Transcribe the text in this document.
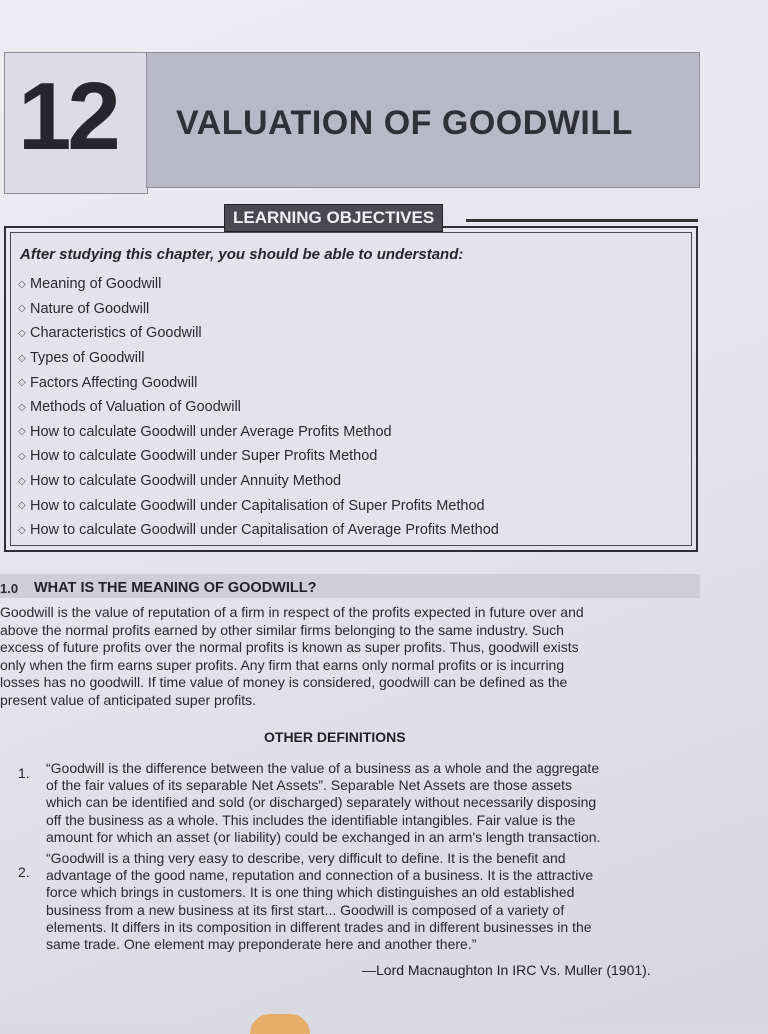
12 VALUATION OF GOODWILL
LEARNING OBJECTIVES
After studying this chapter, you should be able to understand:
◇ Meaning of Goodwill
◇ Nature of Goodwill
◇ Characteristics of Goodwill
◇ Types of Goodwill
◇ Factors Affecting Goodwill
◇ Methods of Valuation of Goodwill
◇ How to calculate Goodwill under Average Profits Method
◇ How to calculate Goodwill under Super Profits Method
◇ How to calculate Goodwill under Annuity Method
◇ How to calculate Goodwill under Capitalisation of Super Profits Method
◇ How to calculate Goodwill under Capitalisation of Average Profits Method
1.0 WHAT IS THE MEANING OF GOODWILL?
Goodwill is the value of reputation of a firm in respect of the profits expected in future over and
above the normal profits earned by other similar firms belonging to the same industry. Such
excess of future profits over the normal profits is known as super profits. Thus, goodwill exists
only when the firm earns super profits. Any firm that earns only normal profits or is incurring
losses has no goodwill. If time value of money is considered, goodwill can be defined as the
present value of anticipated super profits.
OTHER DEFINITIONS
1. “Goodwill is the difference between the value of a business as a whole and the aggregate
of the fair values of its separable Net Assets”. Separable Net Assets are those assets
which can be identified and sold (or discharged) separately without necessarily disposing
off the business as a whole. This includes the identifiable intangibles. Fair value is the
amount for which an asset (or liability) could be exchanged in an arm's length transaction.
2.
“Goodwill is a thing very easy to describe, very difficult to define. It is the benefit and
advantage of the good name, reputation and connection of a business. It is the attractive
force which brings in customers. It is one thing which distinguishes an old established
business from a new business at its first start... Goodwill is composed of a variety of
elements. It differs in its composition in different trades and in different businesses in the
same trade. One element may preponderate here and another there.”
—Lord Macnaughton In IRC Vs. Muller (1901).
